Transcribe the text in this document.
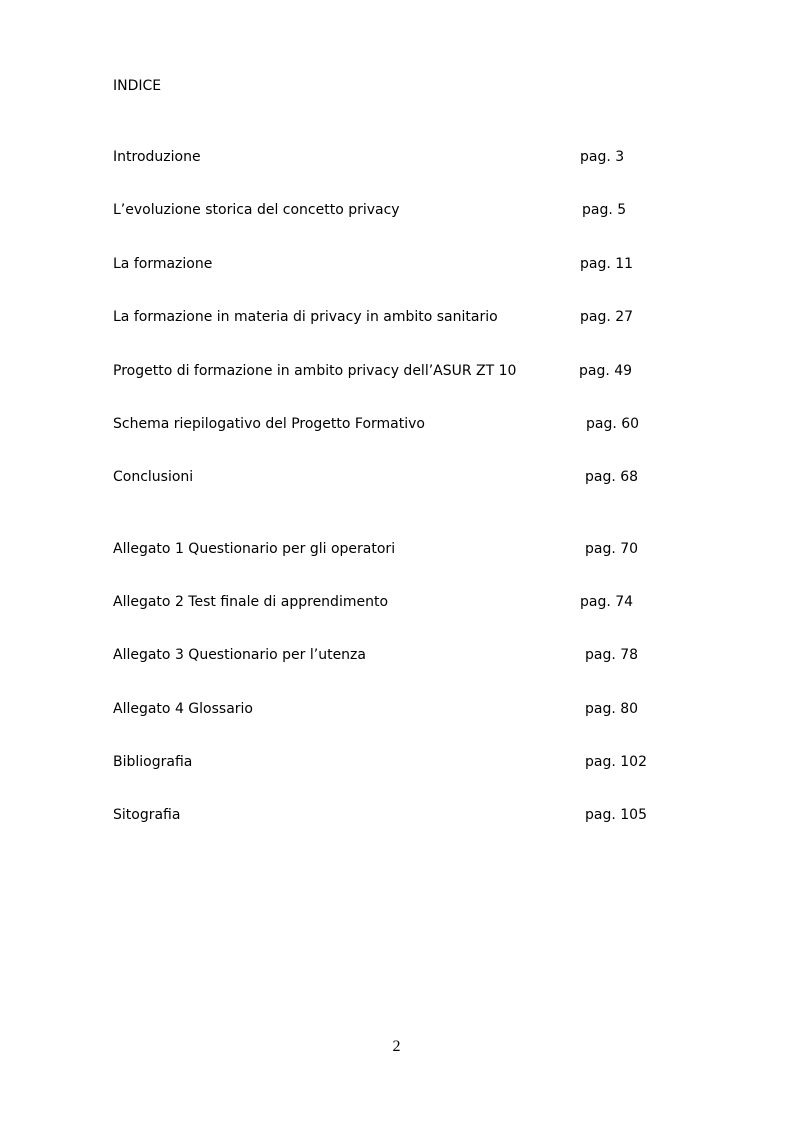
INDICE
Introduzione	pag. 3
L’evoluzione storica del concetto privacy	pag. 5
La formazione	pag. 11
La formazione in materia di privacy in ambito sanitario	pag. 27
Progetto di formazione in ambito privacy dell’ASUR ZT 10	pag. 49
Schema riepilogativo del Progetto Formativo	pag. 60
Conclusioni	pag. 68
Allegato 1 Questionario per gli operatori	pag. 70
Allegato 2 Test finale di apprendimento	pag. 74
Allegato 3 Questionario per l’utenza	pag. 78
Allegato 4 Glossario	pag. 80
Bibliografia	pag. 102
Sitografia	pag. 105
2
